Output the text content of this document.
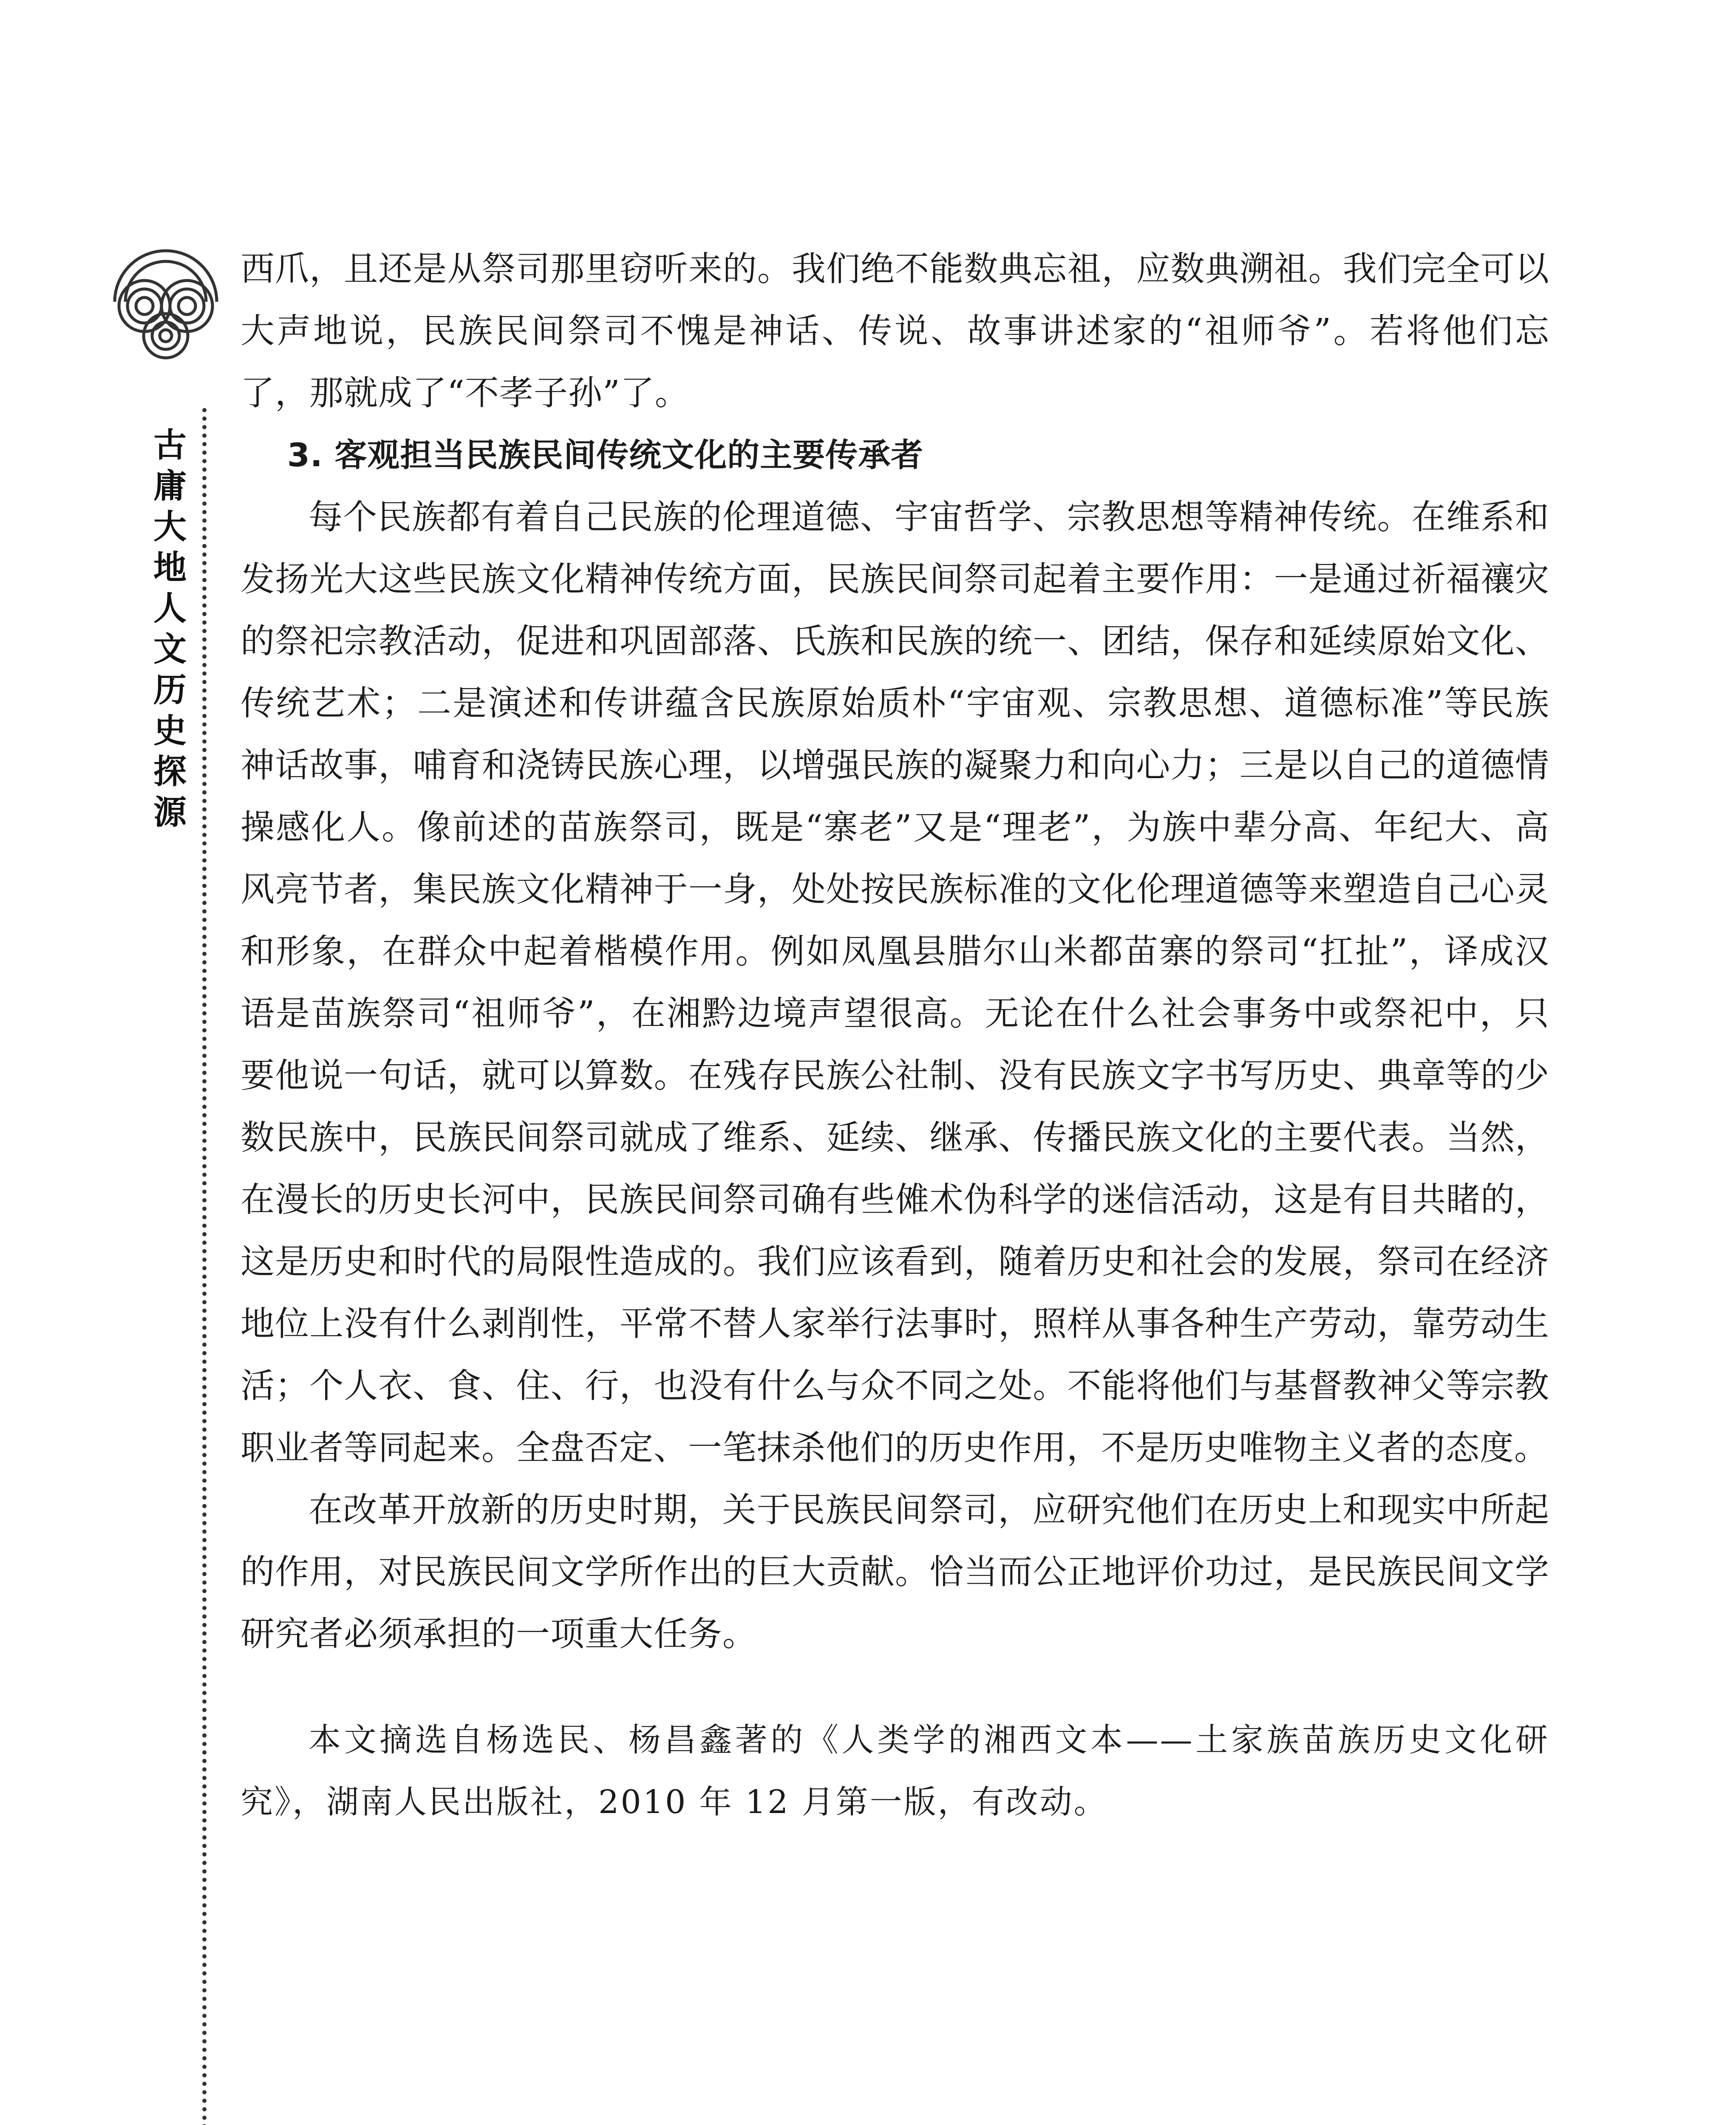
古庸大地人文历史探源

西爪，且还是从祭司那里窃听来的。我们绝不能数典忘祖，应数典溯祖。我们完全可以大声地说，民族民间祭司不愧是神话、传说、故事讲述家的“祖师爷”。若将他们忘了，那就成了“不孝子孙”了。

3. 客观担当民族民间传统文化的主要传承者

每个民族都有着自己民族的伦理道德、宇宙哲学、宗教思想等精神传统。在维系和发扬光大这些民族文化精神传统方面，民族民间祭司起着主要作用：一是通过祈福禳灾的祭祀宗教活动，促进和巩固部落、氏族和民族的统一、团结，保存和延续原始文化、传统艺术；二是演述和传讲蕴含民族原始质朴“宇宙观、宗教思想、道德标准”等民族神话故事，哺育和浇铸民族心理，以增强民族的凝聚力和向心力；三是以自己的道德情操感化人。像前述的苗族祭司，既是“寨老”又是“理老”，为族中辈分高、年纪大、高风亮节者，集民族文化精神于一身，处处按民族标准的文化伦理道德等来塑造自己心灵和形象，在群众中起着楷模作用。例如凤凰县腊尔山米都苗寨的祭司“扛扯”，译成汉语是苗族祭司“祖师爷”，在湘黔边境声望很高。无论在什么社会事务中或祭祀中，只要他说一句话，就可以算数。在残存民族公社制、没有民族文字书写历史、典章等的少数民族中，民族民间祭司就成了维系、延续、继承、传播民族文化的主要代表。当然，在漫长的历史长河中，民族民间祭司确有些傩术伪科学的迷信活动，这是有目共睹的，这是历史和时代的局限性造成的。我们应该看到，随着历史和社会的发展，祭司在经济地位上没有什么剥削性，平常不替人家举行法事时，照样从事各种生产劳动，靠劳动生活；个人衣、食、住、行，也没有什么与众不同之处。不能将他们与基督教神父等宗教职业者等同起来。全盘否定、一笔抹杀他们的历史作用，不是历史唯物主义者的态度。

在改革开放新的历史时期，关于民族民间祭司，应研究他们在历史上和现实中所起的作用，对民族民间文学所作出的巨大贡献。恰当而公正地评价功过，是民族民间文学研究者必须承担的一项重大任务。

本文摘选自杨选民、杨昌鑫著的《人类学的湘西文本——土家族苗族历史文化研究》，湖南人民出版社，2010 年 12 月第一版，有改动。
